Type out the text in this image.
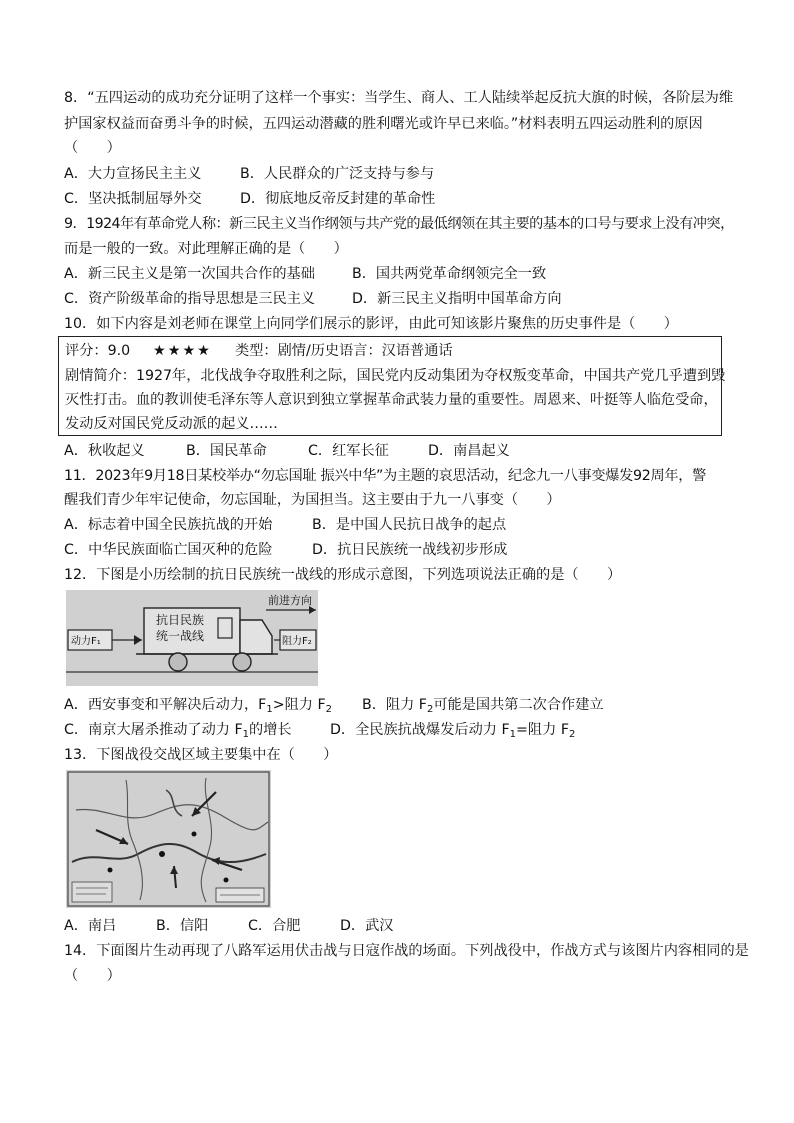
8．“五四运动的成功充分证明了这样一个事实：当学生、商人、工人陆续举起反抗大旗的时候，各阶层为维
护国家权益而奋勇斗争的时候，五四运动潜藏的胜利曙光或许早已来临。”材料表明五四运动胜利的原因
（　　）
A．大力宣扬民主主义	B．人民群众的广泛支持与参与
C．坚决抵制屈辱外交	D．彻底地反帝反封建的革命性
9．1924年有革命党人称：新三民主义当作纲领与共产党的最低纲领在其主要的基本的口号与要求上没有冲突，
而是一般的一致。对此理解正确的是（　　）
A．新三民主义是第一次国共合作的基础	B．国共两党革命纲领完全一致
C．资产阶级革命的指导思想是三民主义	D．新三民主义指明中国革命方向
10．如下内容是刘老师在课堂上向同学们展示的影评，由此可知该影片聚焦的历史事件是（　　）
评分：9.0 ★★★★ 类型：剧情/历史语言：汉语普通话
剧情简介：1927年，北伐战争夺取胜利之际，国民党内反动集团为夺权叛变革命，中国共产党几乎遭到毁
灭性打击。血的教训使毛泽东等人意识到独立掌握革命武装力量的重要性。周恩来、叶挺等人临危受命，
发动反对国民党反动派的起义……
A．秋收起义	B．国民革命	C．红军长征	D．南昌起义
11．2023年9月18日某校举办“勿忘国耻 振兴中华”为主题的哀思活动，纪念九一八事变爆发92周年，警
醒我们青少年牢记使命，勿忘国耻，为国担当。这主要由于九一八事变（　　）
A．标志着中国全民族抗战的开始	B．是中国人民抗日战争的起点
C．中华民族面临亡国灭种的危险	D．抗日民族统一战线初步形成
12．下图是小历绘制的抗日民族统一战线的形成示意图，下列选项说法正确的是（　　）
抗日民族
统一战线
动力F₁
前进方向
阻力F₂
A．西安事变和平解决后动力，$F_1>$阻力 $F_2$ B．阻力 $F_2$可能是国共第二次合作建立
C．南京大屠杀推动了动力 $F_1$的增长	D．全民族抗战爆发后动力 $F_1=$阻力 $F_2$
13．下图战役交战区域主要集中在（　　）
A．南吕	B．信阳	C．合肥	D．武汉
14．下面图片生动再现了八路军运用伏击战与日寇作战的场面。下列战役中，作战方式与该图片内容相同的是
（　　）
